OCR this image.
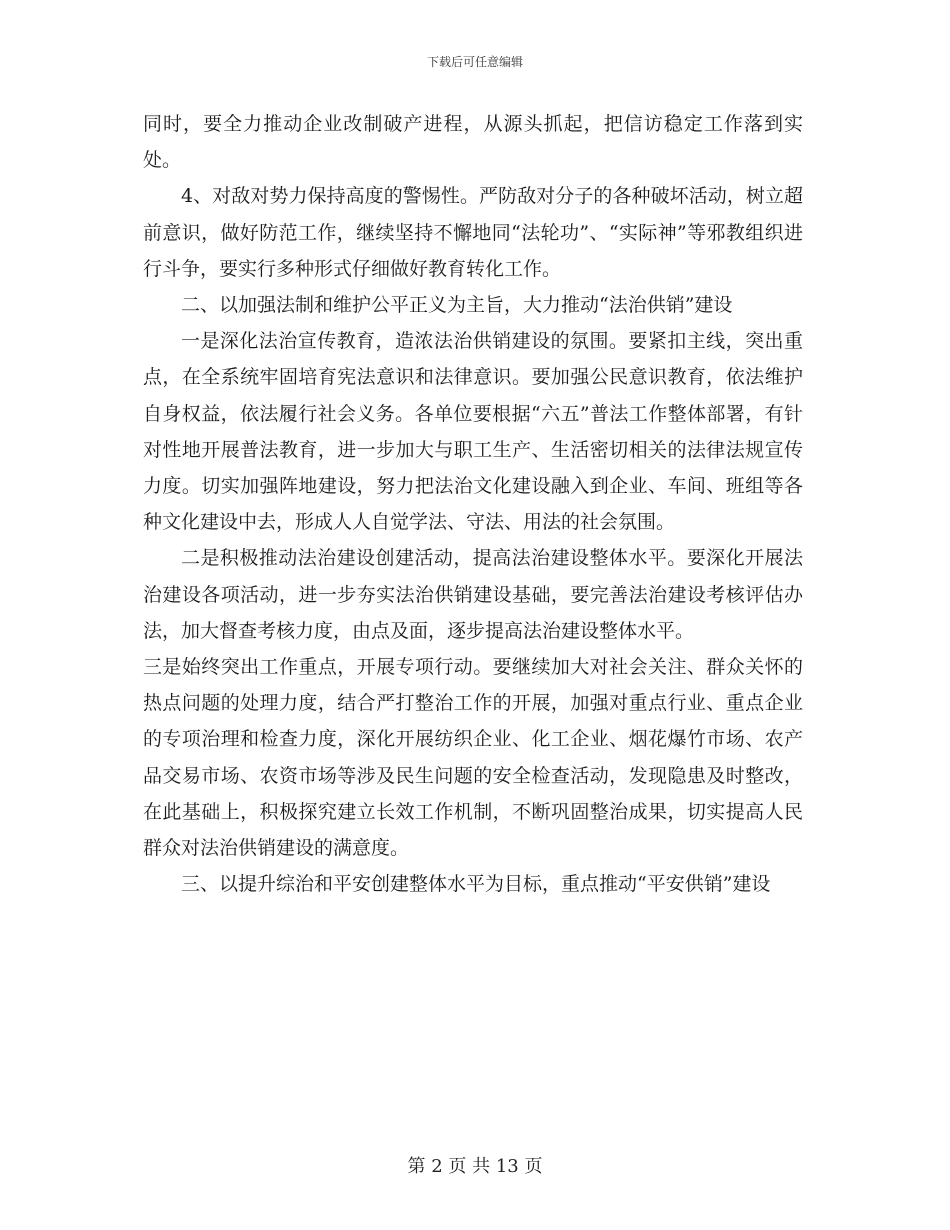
下载后可任意编辑

同时，要全力推动企业改制破产进程，从源头抓起，把信访稳定工作落到实处。

4、对敌对势力保持高度的警惕性。严防敌对分子的各种破坏活动，树立超前意识，做好防范工作，继续坚持不懈地同“法轮功”、“实际神”等邪教组织进行斗争，要实行多种形式仔细做好教育转化工作。

二、以加强法制和维护公平正义为主旨，大力推动“法治供销”建设

一是深化法治宣传教育，造浓法治供销建设的氛围。要紧扣主线，突出重点，在全系统牢固培育宪法意识和法律意识。要加强公民意识教育，依法维护自身权益，依法履行社会义务。各单位要根据“六五”普法工作整体部署，有针对性地开展普法教育，进一步加大与职工生产、生活密切相关的法律法规宣传力度。切实加强阵地建设，努力把法治文化建设融入到企业、车间、班组等各种文化建设中去，形成人人自觉学法、守法、用法的社会氛围。

二是积极推动法治建设创建活动，提高法治建设整体水平。要深化开展法治建设各项活动，进一步夯实法治供销建设基础，要完善法治建设考核评估办法，加大督查考核力度，由点及面，逐步提高法治建设整体水平。

三是始终突出工作重点，开展专项行动。要继续加大对社会关注、群众关怀的热点问题的处理力度，结合严打整治工作的开展，加强对重点行业、重点企业的专项治理和检查力度，深化开展纺织企业、化工企业、烟花爆竹市场、农产品交易市场、农资市场等涉及民生问题的安全检查活动，发现隐患及时整改，在此基础上，积极探究建立长效工作机制，不断巩固整治成果，切实提高人民群众对法治供销建设的满意度。

三、以提升综治和平安创建整体水平为目标，重点推动“平安供销”建设

第 2 页 共 13 页
